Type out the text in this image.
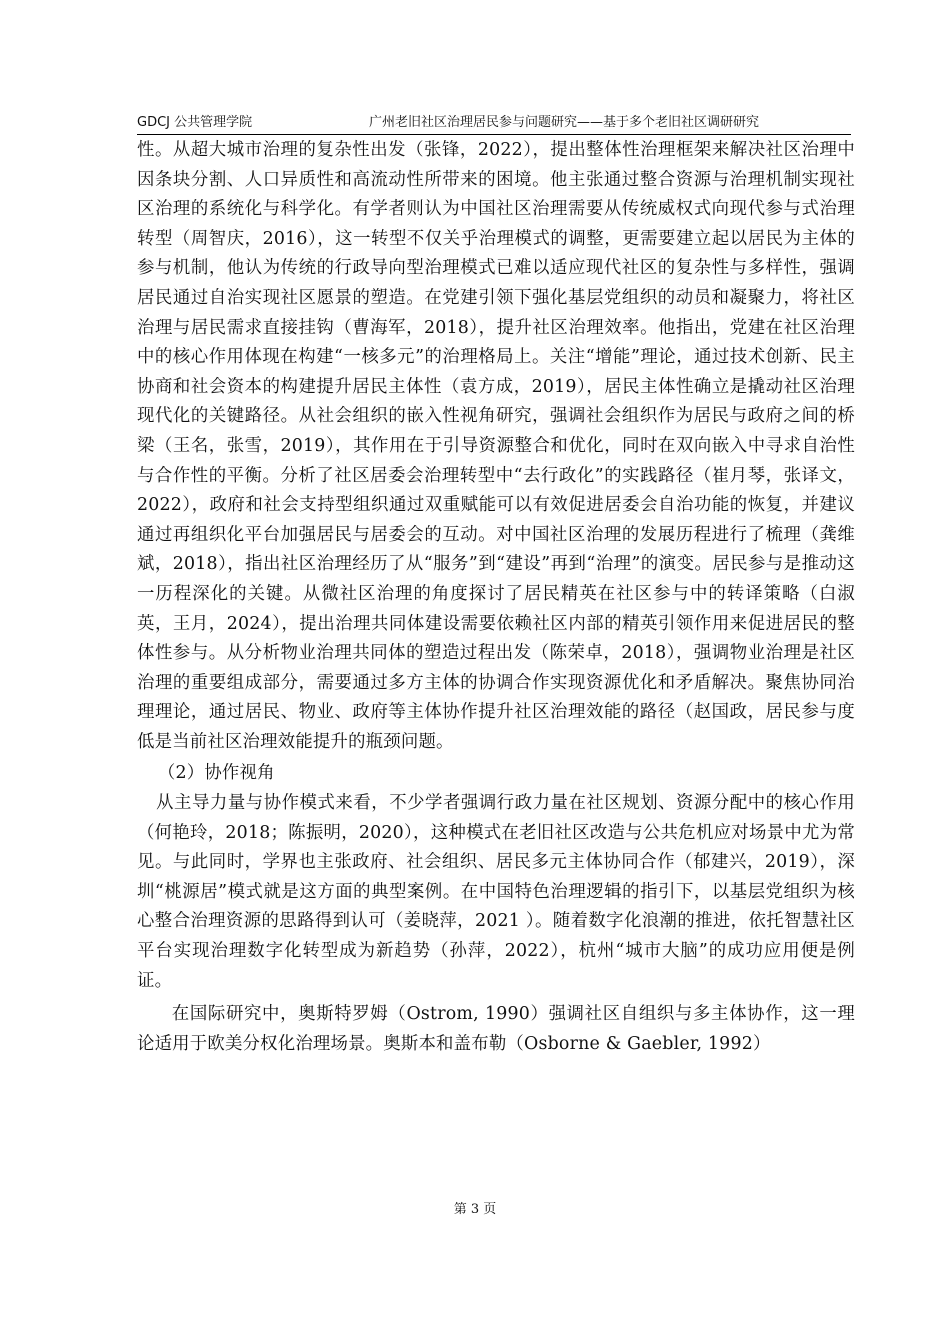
GDCJ 公共管理学院	广州老旧社区治理居民参与问题研究——基于多个老旧社区调研研究

性。从超大城市治理的复杂性出发（张锋，2022），提出整体性治理框架来解决社区治理中因条块分割、人口异质性和高流动性所带来的困境。他主张通过整合资源与治理机制实现社区治理的系统化与科学化。有学者则认为中国社区治理需要从传统威权式向现代参与式治理转型（周智庆，2016），这一转型不仅关乎治理模式的调整，更需要建立起以居民为主体的参与机制，他认为传统的行政导向型治理模式已难以适应现代社区的复杂性与多样性，强调居民通过自治实现社区愿景的塑造。在党建引领下强化基层党组织的动员和凝聚力，将社区治理与居民需求直接挂钩（曹海军，2018），提升社区治理效率。他指出，党建在社区治理中的核心作用体现在构建“一核多元”的治理格局上。关注“增能”理论，通过技术创新、民主协商和社会资本的构建提升居民主体性（袁方成，2019），居民主体性确立是撬动社区治理现代化的关键路径。从社会组织的嵌入性视角研究，强调社会组织作为居民与政府之间的桥梁（王名，张雪，2019），其作用在于引导资源整合和优化，同时在双向嵌入中寻求自治性与合作性的平衡。分析了社区居委会治理转型中“去行政化”的实践路径（崔月琴，张译文，2022），政府和社会支持型组织通过双重赋能可以有效促进居委会自治功能的恢复，并建议通过再组织化平台加强居民与居委会的互动。对中国社区治理的发展历程进行了梳理（龚维斌，2018），指出社区治理经历了从“服务”到“建设”再到“治理”的演变。居民参与是推动这一历程深化的关键。从微社区治理的角度探讨了居民精英在社区参与中的转译策略（白淑英，王月，2024），提出治理共同体建设需要依赖社区内部的精英引领作用来促进居民的整体性参与。从分析物业治理共同体的塑造过程出发（陈荣卓，2018），强调物业治理是社区治理的重要组成部分，需要通过多方主体的协调合作实现资源优化和矛盾解决。聚焦协同治理理论，通过居民、物业、政府等主体协作提升社区治理效能的路径（赵国政，居民参与度低是当前社区治理效能提升的瓶颈问题。

（2）协作视角

从主导力量与协作模式来看，不少学者强调行政力量在社区规划、资源分配中的核心作用（何艳玲，2018；陈振明，2020），这种模式在老旧社区改造与公共危机应对场景中尤为常见。与此同时，学界也主张政府、社会组织、居民多元主体协同合作（郁建兴，2019），深圳“桃源居”模式就是这方面的典型案例。在中国特色治理逻辑的指引下，以基层党组织为核心整合治理资源的思路得到认可（姜晓萍，2021 ）。随着数字化浪潮的推进，依托智慧社区平台实现治理数字化转型成为新趋势（孙萍，2022），杭州“城市大脑”的成功应用便是例证。

在国际研究中，奥斯特罗姆（Ostrom, 1990）强调社区自组织与多主体协作，这一理论适用于欧美分权化治理场景。奥斯本和盖布勒（Osborne & Gaebler, 1992）

第 3 页
